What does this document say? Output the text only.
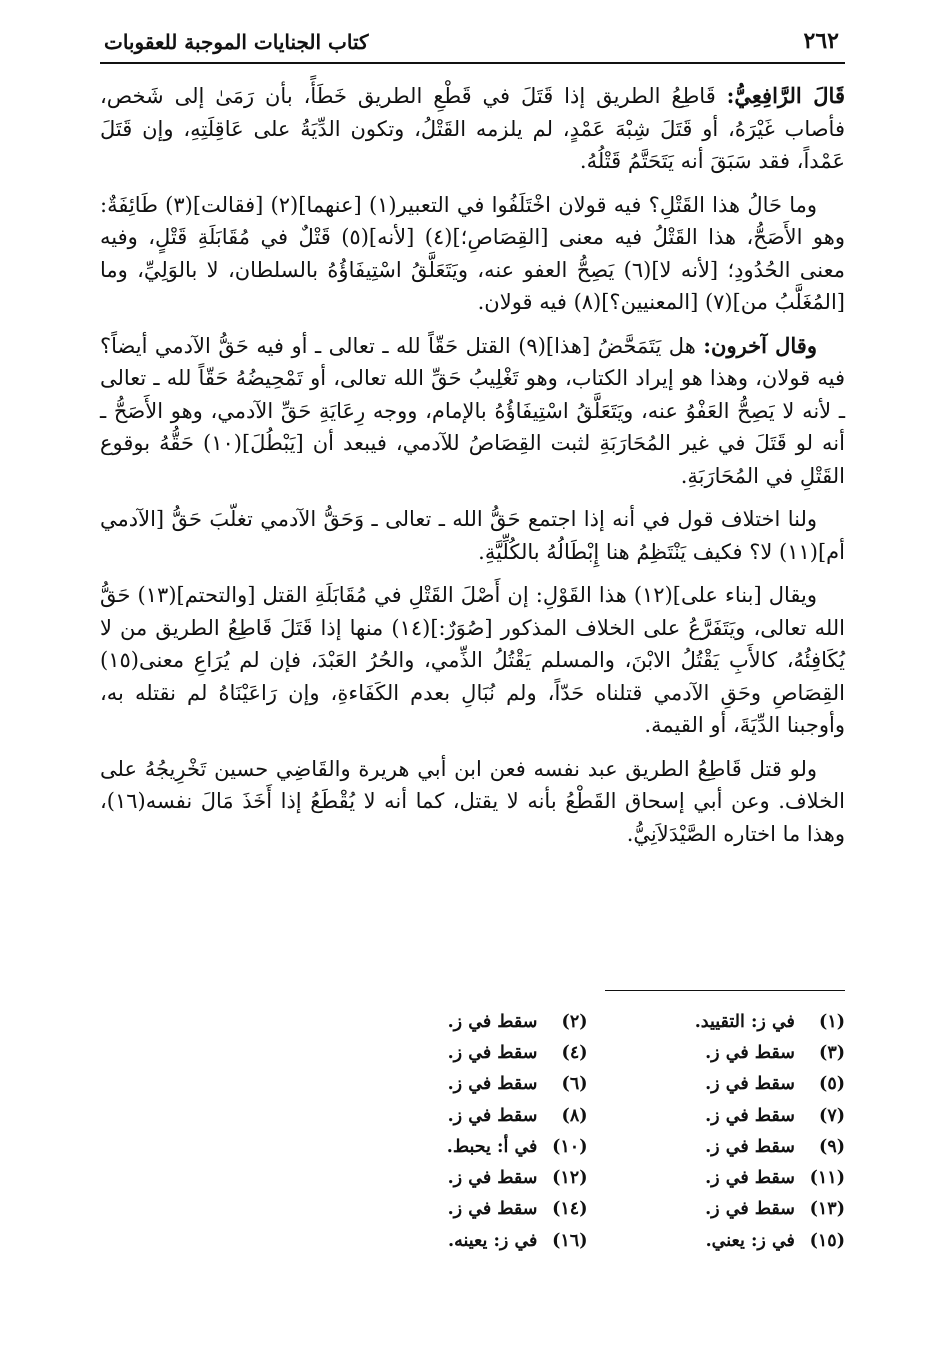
٢٦٢
كتاب الجنايات الموجبة للعقوبات

قَالَ الرَّافِعِيُّ: قَاطِعُ الطريق إذا قَتَلَ في قَطْعِ الطريق خَطَأً، بأن رَمَىٰ إلى شَخص، فأصاب غَيْرَهُ، أو قَتَلَ شِبْهَ عَمْدٍ، لم يلزمه القَتْلُ، وتكون الدِّيَةُ على عَاقِلَتِهِ، وإن قَتَلَ عَمْداً، فقد سَبَقَ أنه يَتَحَتَّمُ قَتْلُهُ.

وما حَالُ هذا القَتْلِ؟ فيه قولان اخْتَلَفُوا في التعبير(١) [عنهما](٢) [فقالت](٣) طَائِفَةٌ: وهو الأَصَحُّ، هذا القَتْلُ فيه معنى [القِصَاصِ؛](٤) [لأنه](٥) قَتْلٌ في مُقَابَلَةِ قَتْلٍ، وفيه معنى الحُدُودِ؛ [لأنه لا](٦) يَصِحُّ العفو عنه، ويَتَعَلَّقُ اسْتِيفَاؤُهُ بالسلطان، لا بالوَلِيِّ، وما [المُغَلَّبُ من](٧) [المعنيين؟](٨) فيه قولان.

وقال آخرون: هل يَتَمَحَّضُ [هذا](٩) القتل حَقّاً لله ـ تعالى ـ أو فيه حَقُّ الآدمي أيضاً؟ فيه قولان، وهذا هو إيراد الكتاب، وهو تَغْلِيبُ حَقِّ الله تعالى، أو تَمْحِيضُهُ حَقّاً لله ـ تعالى ـ لأنه لا يَصِحُّ العَفْوُ عنه، ويَتَعَلَّقُ اسْتِيفَاؤُهُ بالإمام، ووجه رِعَايَةِ حَقِّ الآدمي، وهو الأَصَحُّ ـ أنه لو قَتَلَ في غير المُحَارَبَةِ لثبت القِصَاصُ للآدمي، فيبعد أن [يَبْطُلَ](١٠) حَقُّهُ بوقوع القَتْلِ في المُحَارَبَةِ.

ولنا اختلاف قول في أنه إذا اجتمع حَقُّ الله ـ تعالى ـ وَحَقُّ الآدمي تغلّبَ حَقُّ [الآدمي أم](١١) لا؟ فكيف يَنْتَظِمُ هنا إِبْطَالُهُ بالكُلِّيَّةِ.

ويقال [بناء على](١٢) هذا القَوْلِ: إن أَصْلَ القَتْلِ في مُقَابَلَةِ القتل [والتحتم](١٣) حَقُّ الله تعالى، ويَتَفَرَّعُ على الخلاف المذكور [صُوَرٌ:](١٤) منها إذا قَتَلَ قَاطِعُ الطريق من لا يُكَافِئُهُ، كالأَبِ يَقْتُلُ الابْنَ، والمسلم يَقْتُلُ الذِّمي، والحُرُ العَبْدَ، فإن لم يُرَاعِ معنى(١٥) القِصَاصِ وحَقِ الآدمي قتلناه حَدّاً، ولم نُبَالِ بعدم الكَفَاءةِ، وإن رَاعَيْنَاهُ لم نقتله به، وأوجبنا الدِّيَةَ، أو القيمة.

ولو قتل قَاطِعُ الطريق عبد نفسه فعن ابن أبي هريرة والقَاضِي حسين تَخْرِيجُهُ على الخلاف. وعن أبي إسحاق القَطْعُ بأنه لا يقتل، كما أنه لا يُقْطَعُ إذا أَخَذَ مَالَ نفسه(١٦)، وهذا ما اختاره الصَّيْدَلاَنِيُّ.

(١) في ز: التقييد.
(٢) سقط في ز.
(٣) سقط في ز.
(٤) سقط في ز.
(٥) سقط في ز.
(٦) سقط في ز.
(٧) سقط في ز.
(٨) سقط في ز.
(٩) سقط في ز.
(١٠) في أ: يحبط.
(١١) سقط في ز.
(١٢) سقط في ز.
(١٣) سقط في ز.
(١٤) سقط في ز.
(١٥) في ز: يعني.
(١٦) في ز: يعينه.
